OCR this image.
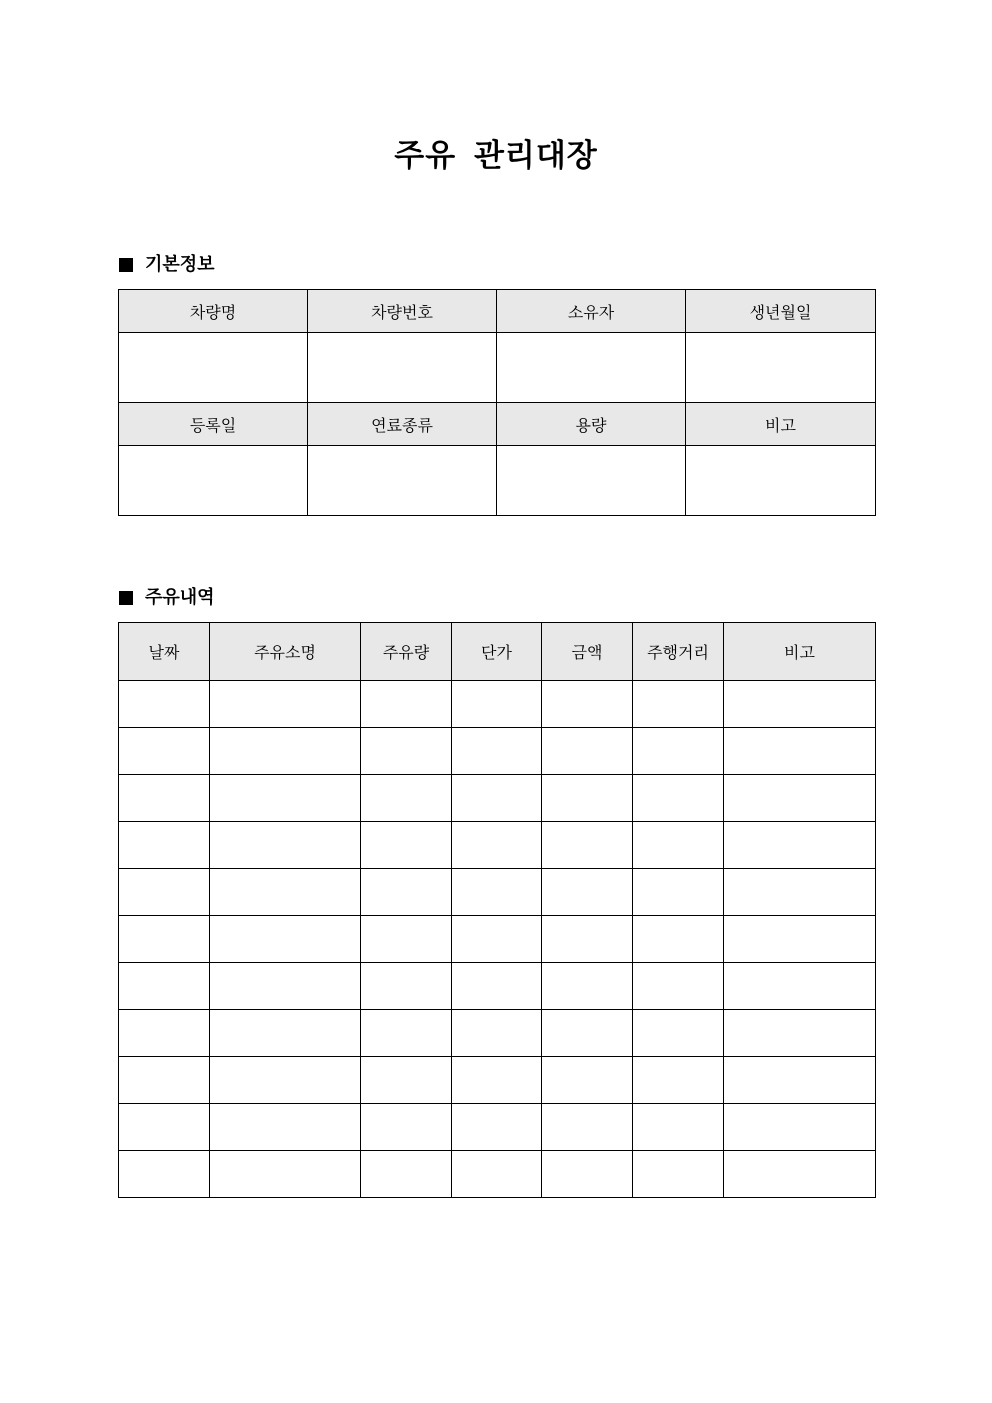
주유 관리대장
기본정보
차량명	차량번호	소유자	생년월일

등록일	연료종류	용량	비고

주유내역
날짜	주유소명	주유량	단가	금액	주행거리	비고
